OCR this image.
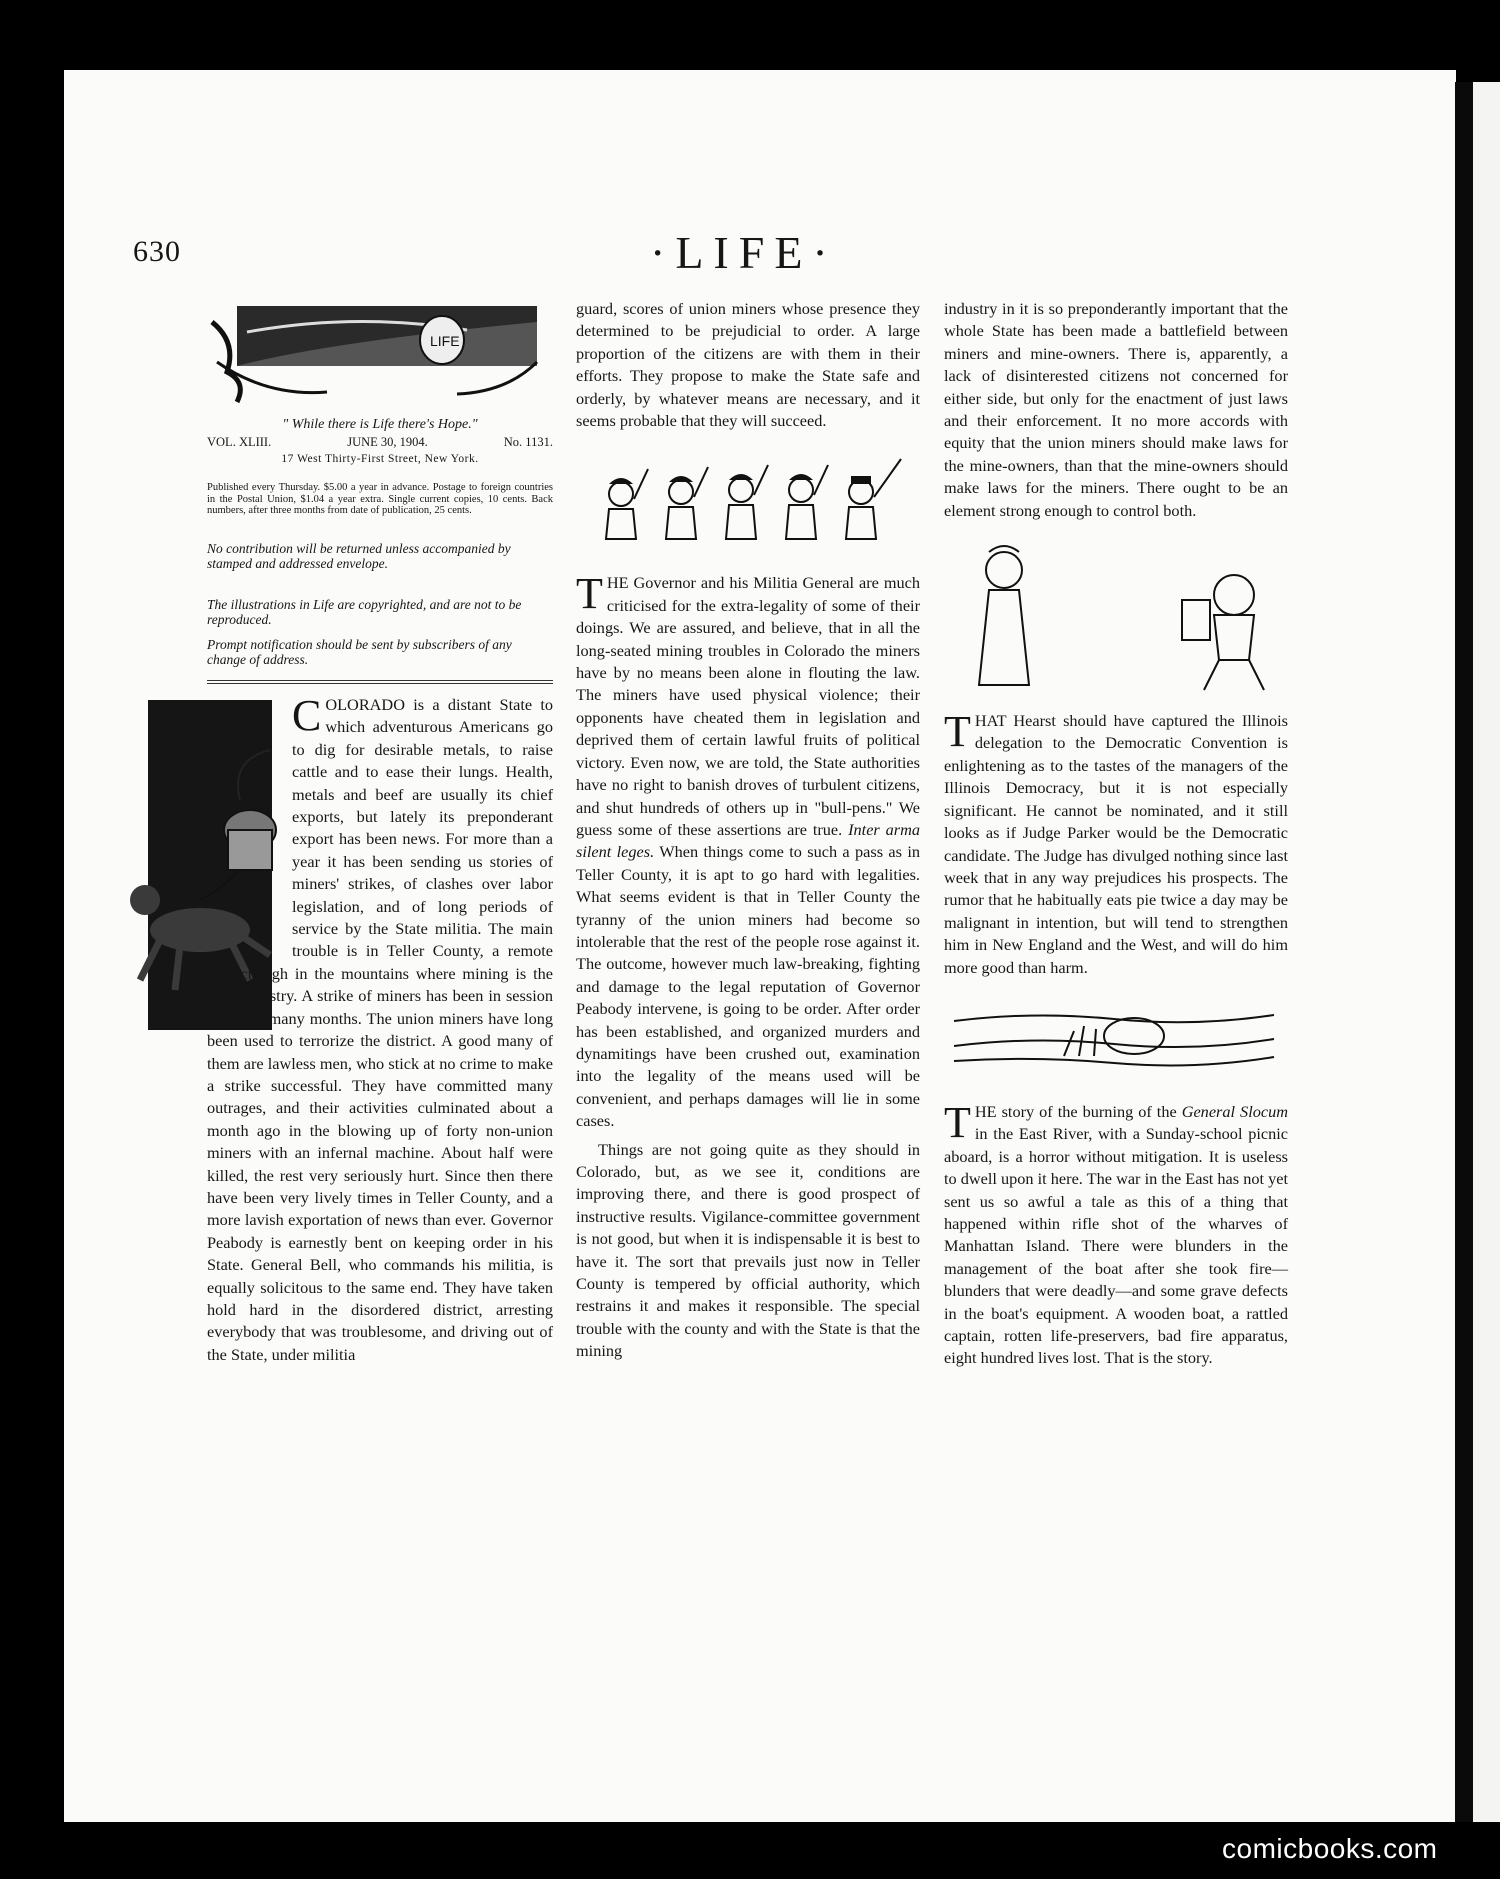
630	·LIFE·
LIFE
" While there is Life there's Hope."
VOL. XLIII.	JUNE 30, 1904.	No. 1131.
17 West Thirty-First Street, New York.
Published every Thursday. $5.00 a year in advance. Postage to foreign countries in the Postal Union, $1.04 a year extra. Single current copies, 10 cents. Back numbers, after three months from date of publication, 25 cents.
No contribution will be returned unless accompanied by stamped and addressed envelope.
The illustrations in Life are copyrighted, and are not to be reproduced.
Prompt notification should be sent by subscribers of any change of address.

COLORADO is a distant State to which adventurous Americans go to dig for desirable metals, to raise cattle and to ease their lungs. Health, metals and beef are usually its chief exports, but lately its preponderant export has been news. For more than a year it has been sending us stories of miners' strikes, of clashes over labor legislation, and of long periods of service by the State militia. The main trouble is in Teller County, a remote district high in the mountains where mining is the only industry. A strike of miners has been in session there for many months. The union miners have long been used to terrorize the district. A good many of them are lawless men, who stick at no crime to make a strike successful. They have committed many outrages, and their activities culminated about a month ago in the blowing up of forty non-union miners with an infernal machine. About half were killed, the rest very seriously hurt. Since then there have been very lively times in Teller County, and a more lavish exportation of news than ever. Governor Peabody is earnestly bent on keeping order in his State. General Bell, who commands his militia, is equally solicitous to the same end. They have taken hold hard in the disordered district, arresting everybody that was troublesome, and driving out of the State, under militia

guard, scores of union miners whose presence they determined to be prejudicial to order. A large proportion of the citizens are with them in their efforts. They propose to make the State safe and orderly, by whatever means are necessary, and it seems probable that they will succeed.

THE Governor and his Militia General are much criticised for the extra-legality of some of their doings. We are assured, and believe, that in all the long-seated mining troubles in Colorado the miners have by no means been alone in flouting the law. The miners have used physical violence; their opponents have cheated them in legislation and deprived them of certain lawful fruits of political victory. Even now, we are told, the State authorities have no right to banish droves of turbulent citizens, and shut hundreds of others up in "bull-pens." We guess some of these assertions are true. Inter arma silent leges. When things come to such a pass as in Teller County, it is apt to go hard with legalities. What seems evident is that in Teller County the tyranny of the union miners had become so intolerable that the rest of the people rose against it. The outcome, however much law-breaking, fighting and damage to the legal reputation of Governor Peabody intervene, is going to be order. After order has been established, and organized murders and dynamitings have been crushed out, examination into the legality of the means used will be convenient, and perhaps damages will lie in some cases.

Things are not going quite as they should in Colorado, but, as we see it, conditions are improving there, and there is good prospect of instructive results. Vigilance-committee government is not good, but when it is indispensable it is best to have it. The sort that prevails just now in Teller County is tempered by official authority, which restrains it and makes it responsible. The special trouble with the county and with the State is that the mining

industry in it is so preponderantly important that the whole State has been made a battlefield between miners and mine-owners. There is, apparently, a lack of disinterested citizens not concerned for either side, but only for the enactment of just laws and their enforcement. It no more accords with equity that the union miners should make laws for the mine-owners, than that the mine-owners should make laws for the miners. There ought to be an element strong enough to control both.

THAT Hearst should have captured the Illinois delegation to the Democratic Convention is enlightening as to the tastes of the managers of the Illinois Democracy, but it is not especially significant. He cannot be nominated, and it still looks as if Judge Parker would be the Democratic candidate. The Judge has divulged nothing since last week that in any way prejudices his prospects. The rumor that he habitually eats pie twice a day may be malignant in intention, but will tend to strengthen him in New England and the West, and will do him more good than harm.

THE story of the burning of the General Slocum in the East River, with a Sunday-school picnic aboard, is a horror without mitigation. It is useless to dwell upon it here. The war in the East has not yet sent us so awful a tale as this of a thing that happened within rifle shot of the wharves of Manhattan Island. There were blunders in the management of the boat after she took fire—blunders that were deadly—and some grave defects in the boat's equipment. A wooden boat, a rattled captain, rotten life-preservers, bad fire apparatus, eight hundred lives lost. That is the story.

comicbooks.com
